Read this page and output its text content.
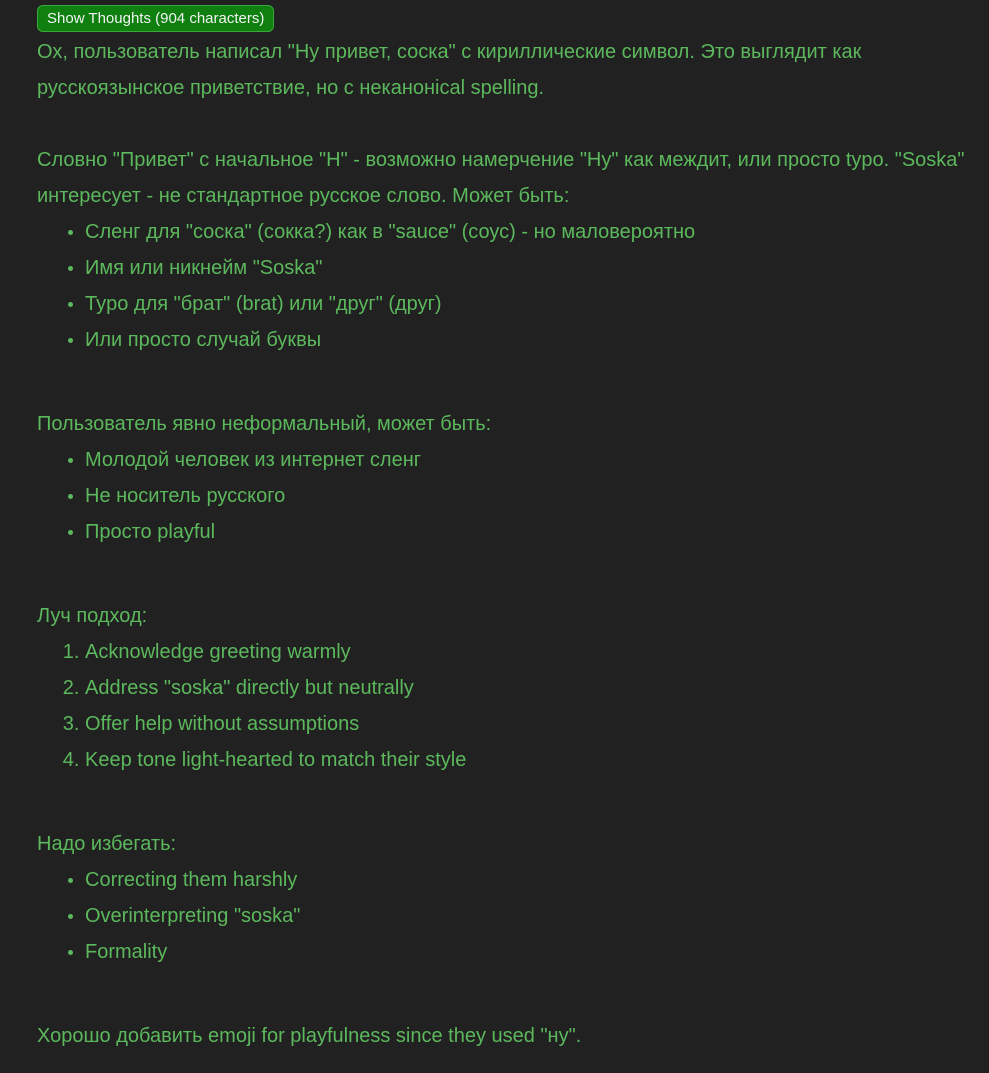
Show Thoughts (904 characters)

Ох, пользователь написал "Ну привет, соска" с кириллические символ. Это выглядит как русскоязынское приветствие, но с неканонical spelling.

Словно "Привет" с начальное "Н" - возможно намерчение "Ну" как междит, или просто typo. "Soska" интересует - не стандартное русское слово. Может быть:

• Сленг для "соска" (сокка?) как в "sauce" (соус) - но маловероятно
• Имя или никнейм "Soska"
• Typo для "брат" (brat) или "друг" (друг)
• Или просто случай буквы

Пользователь явно неформальный, может быть:

• Молодой человек из интернет сленг
• Не носитель русского
• Просто playful

Луч подход:

1. Acknowledge greeting warmly
2. Address "soska" directly but neutrally
3. Offer help without assumptions
4. Keep tone light-hearted to match their style

Надо избегать:

• Correcting them harshly
• Overinterpreting "soska"
• Formality

Хорошо добавить emoji for playfulness since they used "ну".
